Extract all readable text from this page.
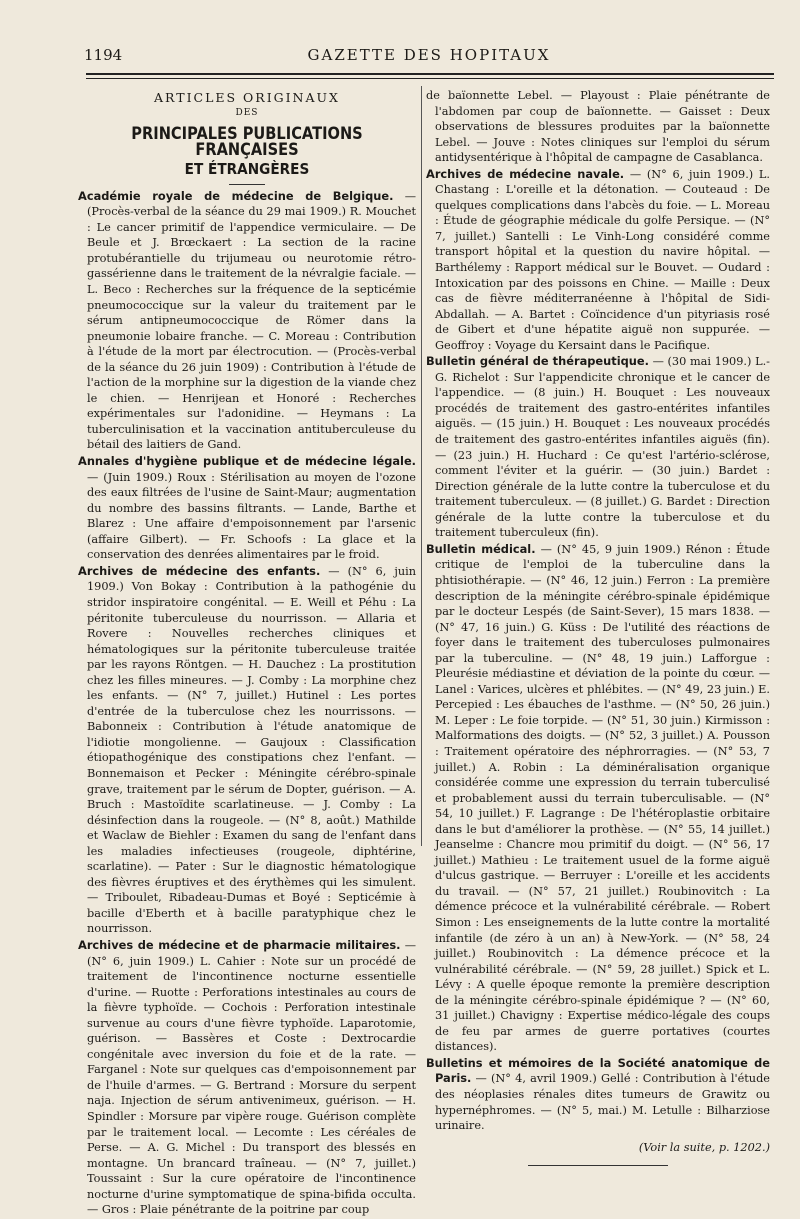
1194	GAZETTE DES HOPITAUX
ARTICLES ORIGINAUX
DES
PRINCIPALES PUBLICATIONS FRANÇAISES
ET ÉTRANGÈRES

Académie royale de médecine de Belgique. — (Procès-verbal de la séance du 29 mai 1909.) R. Mouchet : Le cancer primitif de l'appendice vermiculaire. — De Beule et J. Brœckaert : La section de la racine protubérantielle du trijumeau ou neurotomie rétro-gassérienne dans le traitement de la névralgie faciale. — L. Beco : Recherches sur la fréquence de la septicémie pneumococcique sur la valeur du traitement par le sérum antipneumococcique de Römer dans la pneumonie lobaire franche. — C. Moreau : Contribution à l'étude de la mort par électrocution. — (Procès-verbal de la séance du 26 juin 1909) : Contribution à l'étude de l'action de la morphine sur la digestion de la viande chez le chien. — Henrijean et Honoré : Recherches expérimentales sur l'adonidine. — Heymans : La tuberculinisation et la vaccination antituberculeuse du bétail des laitiers de Gand.

Annales d'hygiène publique et de médecine légale. — (Juin 1909.) Roux : Stérilisation au moyen de l'ozone des eaux filtrées de l'usine de Saint-Maur; augmentation du nombre des bassins filtrants. — Lande, Barthe et Blarez : Une affaire d'empoisonnement par l'arsenic (affaire Gilbert). — Fr. Schoofs : La glace et la conservation des denrées alimentaires par le froid.

Archives de médecine des enfants. — (N° 6, juin 1909.) Von Bokay : Contribution à la pathogénie du stridor inspiratoire congénital. — E. Weill et Péhu : La péritonite tuberculeuse du nourrisson. — Allaria et Rovere : Nouvelles recherches cliniques et hématologiques sur la péritonite tuberculeuse traitée par les rayons Röntgen. — H. Dauchez : La prostitution chez les filles mineures. — J. Comby : La morphine chez les enfants. — (N° 7, juillet.) Hutinel : Les portes d'entrée de la tuberculose chez les nourrissons. — Babonneix : Contribution à l'étude anatomique de l'idiotie mongolienne. — Gaujoux : Classification étiopathogénique des constipations chez l'enfant. — Bonnemaison et Pecker : Méningite cérébro-spinale grave, traitement par le sérum de Dopter, guérison. — A. Bruch : Mastoïdite scarlatineuse. — J. Comby : La désinfection dans la rougeole. — (N° 8, août.) Mathilde et Waclaw de Biehler : Examen du sang de l'enfant dans les maladies infectieuses (rougeole, diphtérine, scarlatine). — Pater : Sur le diagnostic hématologique des fièvres éruptives et des érythèmes qui les simulent. — Triboulet, Ribadeau-Dumas et Boyé : Septicémie à bacille d'Eberth et à bacille paratyphique chez le nourrisson.

Archives de médecine et de pharmacie militaires. — (N° 6, juin 1909.) L. Cahier : Note sur un procédé de traitement de l'incontinence nocturne essentielle d'urine. — Ruotte : Perforations intestinales au cours de la fièvre typhoïde. — Cochois : Perforation intestinale survenue au cours d'une fièvre typhoïde. Laparotomie, guérison. — Bassères et Coste : Dextrocardie congénitale avec inversion du foie et de la rate. — Farganel : Note sur quelques cas d'empoisonnement par de l'huile d'armes. — G. Bertrand : Morsure du serpent naja. Injection de sérum antivenimeux, guérison. — H. Spindler : Morsure par vipère rouge. Guérison complète par le traitement local. — Lecomte : Les céréales de Perse. — A. G. Michel : Du transport des blessés en montagne. Un brancard traîneau. — (N° 7, juillet.) Toussaint : Sur la cure opératoire de l'incontinence nocturne d'urine symptomatique de spina-bifida occulta. — Gros : Plaie pénétrante de la poitrine par coup

de baïonnette Lebel. — Playoust : Plaie pénétrante de l'abdomen par coup de baïonnette. — Gaisset : Deux observations de blessures produites par la baïonnette Lebel. — Jouve : Notes cliniques sur l'emploi du sérum antidysentérique à l'hôpital de campagne de Casablanca.

Archives de médecine navale. — (N° 6, juin 1909.) L. Chastang : L'oreille et la détonation. — Couteaud : De quelques complications dans l'abcès du foie. — L. Moreau : Étude de géographie médicale du golfe Persique. — (N° 7, juillet.) Santelli : Le Vinh-Long considéré comme transport hôpital et la question du navire hôpital. — Barthélemy : Rapport médical sur le Bouvet. — Oudard : Intoxication par des poissons en Chine. — Maille : Deux cas de fièvre méditerranéenne à l'hôpital de Sidi-Abdallah. — A. Bartet : Coïncidence d'un pityriasis rosé de Gibert et d'une hépatite aiguë non suppurée. — Geoffroy : Voyage du Kersaint dans le Pacifique.

Bulletin général de thérapeutique. — (30 mai 1909.) L.-G. Richelot : Sur l'appendicite chronique et le cancer de l'appendice. — (8 juin.) H. Bouquet : Les nouveaux procédés de traitement des gastro-entérites infantiles aiguës. — (15 juin.) H. Bouquet : Les nouveaux procédés de traitement des gastro-entérites infantiles aiguës (fin). — (23 juin.) H. Huchard : Ce qu'est l'artério-sclérose, comment l'éviter et la guérir. — (30 juin.) Bardet : Direction générale de la lutte contre la tuberculose et du traitement tuberculeux. — (8 juillet.) G. Bardet : Direction générale de la lutte contre la tuberculose et du traitement tuberculeux (fin).

Bulletin médical. — (N° 45, 9 juin 1909.) Rénon : Étude critique de l'emploi de la tuberculine dans la phtisiothérapie. — (N° 46, 12 juin.) Ferron : La première description de la méningite cérébro-spinale épidémique par le docteur Lespés (de Saint-Sever), 15 mars 1838. — (N° 47, 16 juin.) G. Küss : De l'utilité des réactions de foyer dans le traitement des tuberculoses pulmonaires par la tuberculine. — (N° 48, 19 juin.) Lafforgue : Pleurésie médiastine et déviation de la pointe du cœur. — Lanel : Varices, ulcères et phlébites. — (N° 49, 23 juin.) E. Percepied : Les ébauches de l'asthme. — (N° 50, 26 juin.) M. Leper : Le foie torpide. — (N° 51, 30 juin.) Kirmisson : Malformations des doigts. — (N° 52, 3 juillet.) A. Pousson : Traitement opératoire des néphrorragies. — (N° 53, 7 juillet.) A. Robin : La déminéralisation organique considérée comme une expression du terrain tuberculisé et probablement aussi du terrain tuberculisable. — (N° 54, 10 juillet.) F. Lagrange : De l'hétéroplastie orbitaire dans le but d'améliorer la prothèse. — (N° 55, 14 juillet.) Jeanselme : Chancre mou primitif du doigt. — (N° 56, 17 juillet.) Mathieu : Le traitement usuel de la forme aiguë d'ulcus gastrique. — Berruyer : L'oreille et les accidents du travail. — (N° 57, 21 juillet.) Roubinovitch : La démence précoce et la vulnérabilité cérébrale. — Robert Simon : Les enseignements de la lutte contre la mortalité infantile (de zéro à un an) à New-York. — (N° 58, 24 juillet.) Roubinovitch : La démence précoce et la vulnérabilité cérébrale. — (N° 59, 28 juillet.) Spick et L. Lévy : A quelle époque remonte la première description de la méningite cérébro-spinale épidémique ? — (N° 60, 31 juillet.) Chavigny : Expertise médico-légale des coups de feu par armes de guerre portatives (courtes distances).

Bulletins et mémoires de la Société anatomique de Paris. — (N° 4, avril 1909.) Gellé : Contribution à l'étude des néoplasies rénales dites tumeurs de Grawitz ou hypernéphromes. — (N° 5, mai.) M. Letulle : Bilharziose urinaire.

(Voir la suite, p. 1202.)
